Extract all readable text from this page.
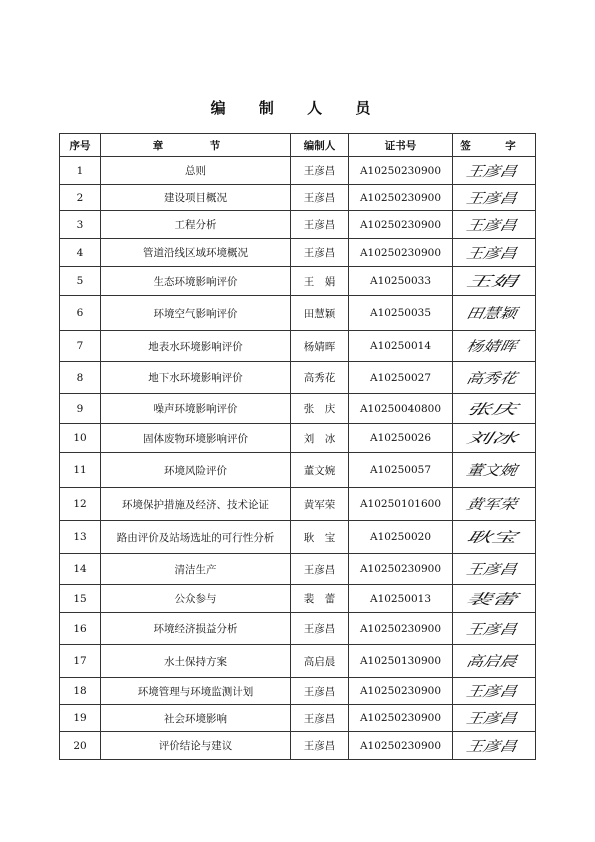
编 制 人 员
序号	章　节	编制人	证书号	签　字
1	总则	王彦昌	A10250230900	王彦昌

2	建设项目概况	王彦昌	A10250230900	王彦昌

3	工程分析	王彦昌	A10250230900	王彦昌

4	管道沿线区域环境概况	王彦昌	A10250230900	王彦昌

5	生态环境影响评价	王　娟	A10250033	王娟

6	环境空气影响评价	田慧颖	A10250035	田慧颖

7	地表水环境影响评价	杨婧晖	A10250014	杨婧晖

8	地下水环境影响评价	高秀花	A10250027	高秀花

9	噪声环境影响评价	张　庆	A10250040800	张庆

10	固体废物环境影响评价	刘　冰	A10250026	刘冰

11	环境风险评价	董文婉	A10250057	董文婉

12	环境保护措施及经济、技术论证	黄军荣	A10250101600	黄军荣

13	路由评价及站场选址的可行性分析	耿　宝	A10250020	耿宝

14	清洁生产	王彦昌	A10250230900	王彦昌

15	公众参与	裴　蕾	A10250013	裴蕾

16	环境经济损益分析	王彦昌	A10250230900	王彦昌

17	水土保持方案	高启晨	A10250130900	高启晨

18	环境管理与环境监测计划	王彦昌	A10250230900	王彦昌

19	社会环境影响	王彦昌	A10250230900	王彦昌

20	评价结论与建议	王彦昌	A10250230900	王彦昌
